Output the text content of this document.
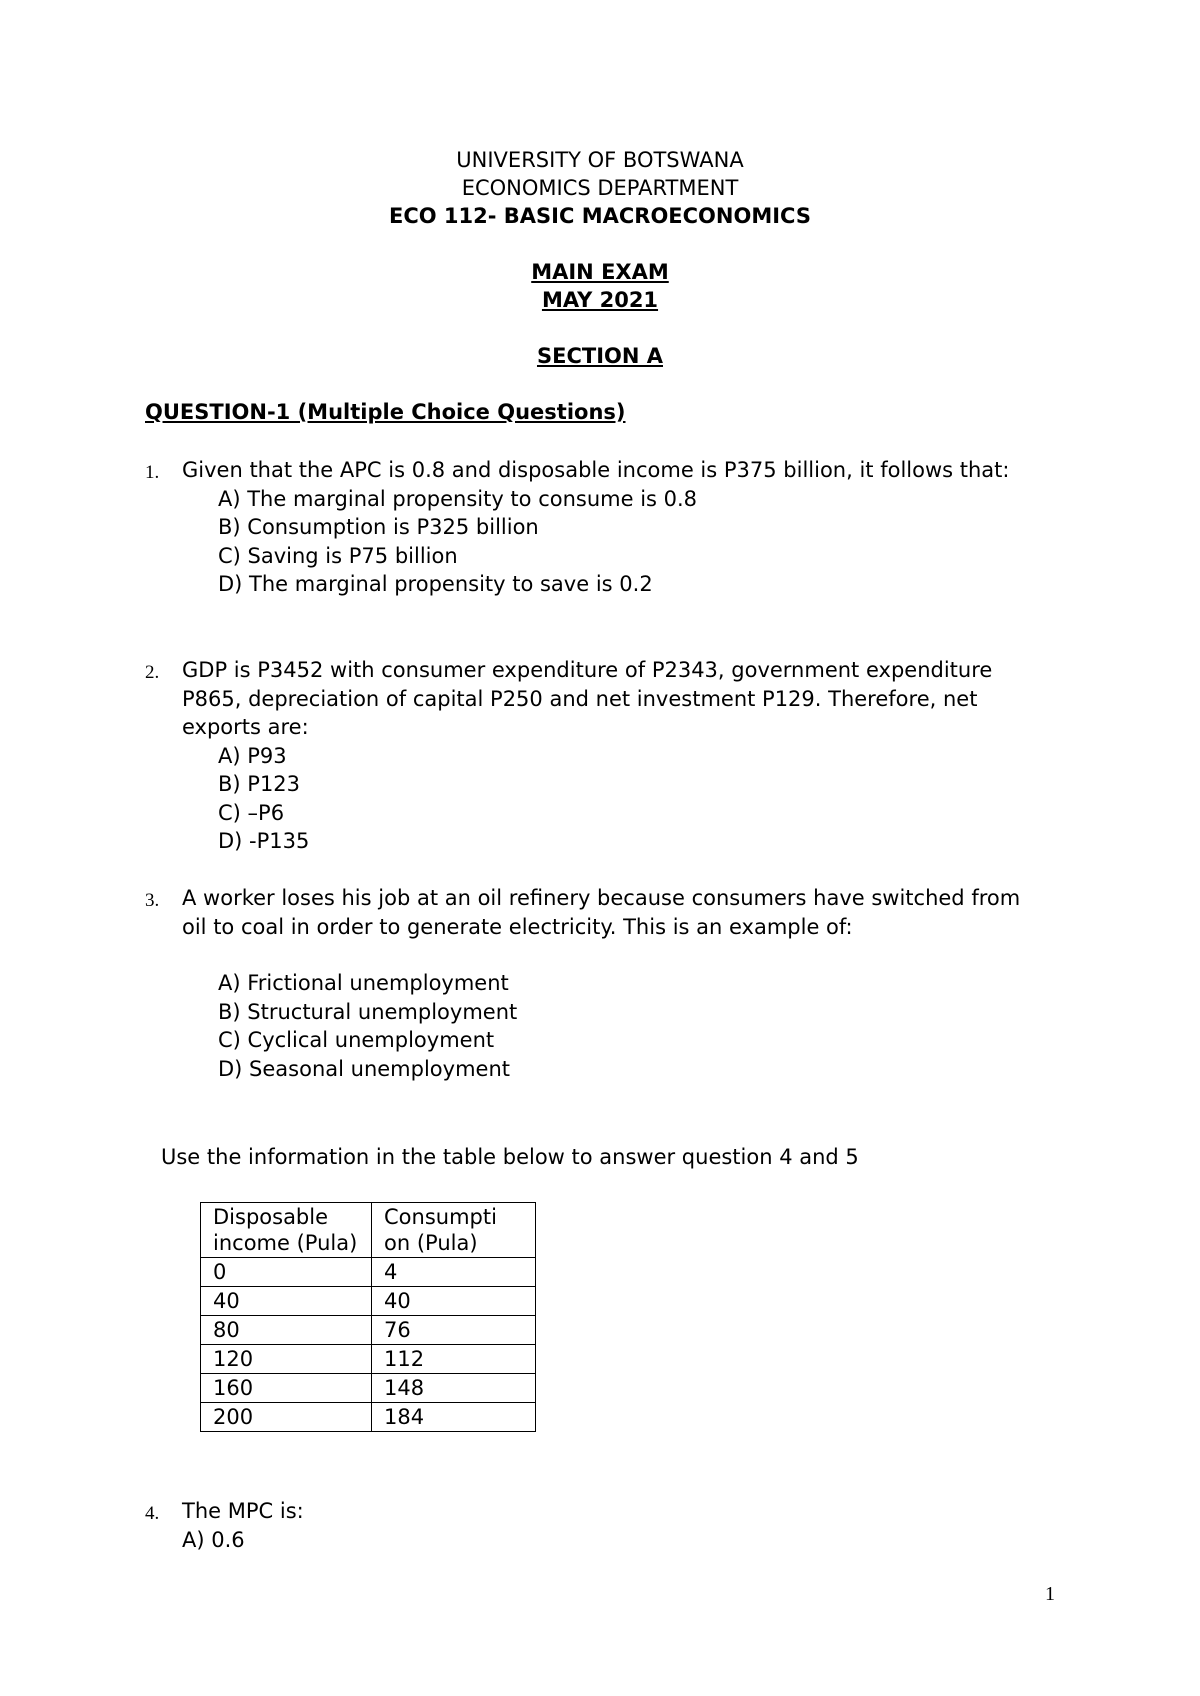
UNIVERSITY OF BOTSWANA

ECONOMICS DEPARTMENT

ECO 112- BASIC MACROECONOMICS

MAIN EXAM

MAY 2021

SECTION A

QUESTION-1 (Multiple Choice Questions)

1. Given that the APC is 0.8 and disposable income is P375 billion, it follows that:
A) The marginal propensity to consume is 0.8
B) Consumption is P325 billion
C) Saving is P75 billion
D) The marginal propensity to save is 0.2
2. GDP is P3452 with consumer expenditure of P2343, government expenditure P865, depreciation of capital P250 and net investment P129. Therefore, net exports are:
A) P93
B) P123
C) –P6
D) -P135
3. A worker loses his job at an oil refinery because consumers have switched from oil to coal in order to generate electricity. This is an example of:
A) Frictional unemployment
B) Structural unemployment
C) Cyclical unemployment
D) Seasonal unemployment

Use the information in the table below to answer question 4 and 5

Disposable income (Pula)	Consumpti on (Pula)
0	4
40	40
80	76
120	112
160	148
200	184
4. The MPC is:
A) 0.6
1
